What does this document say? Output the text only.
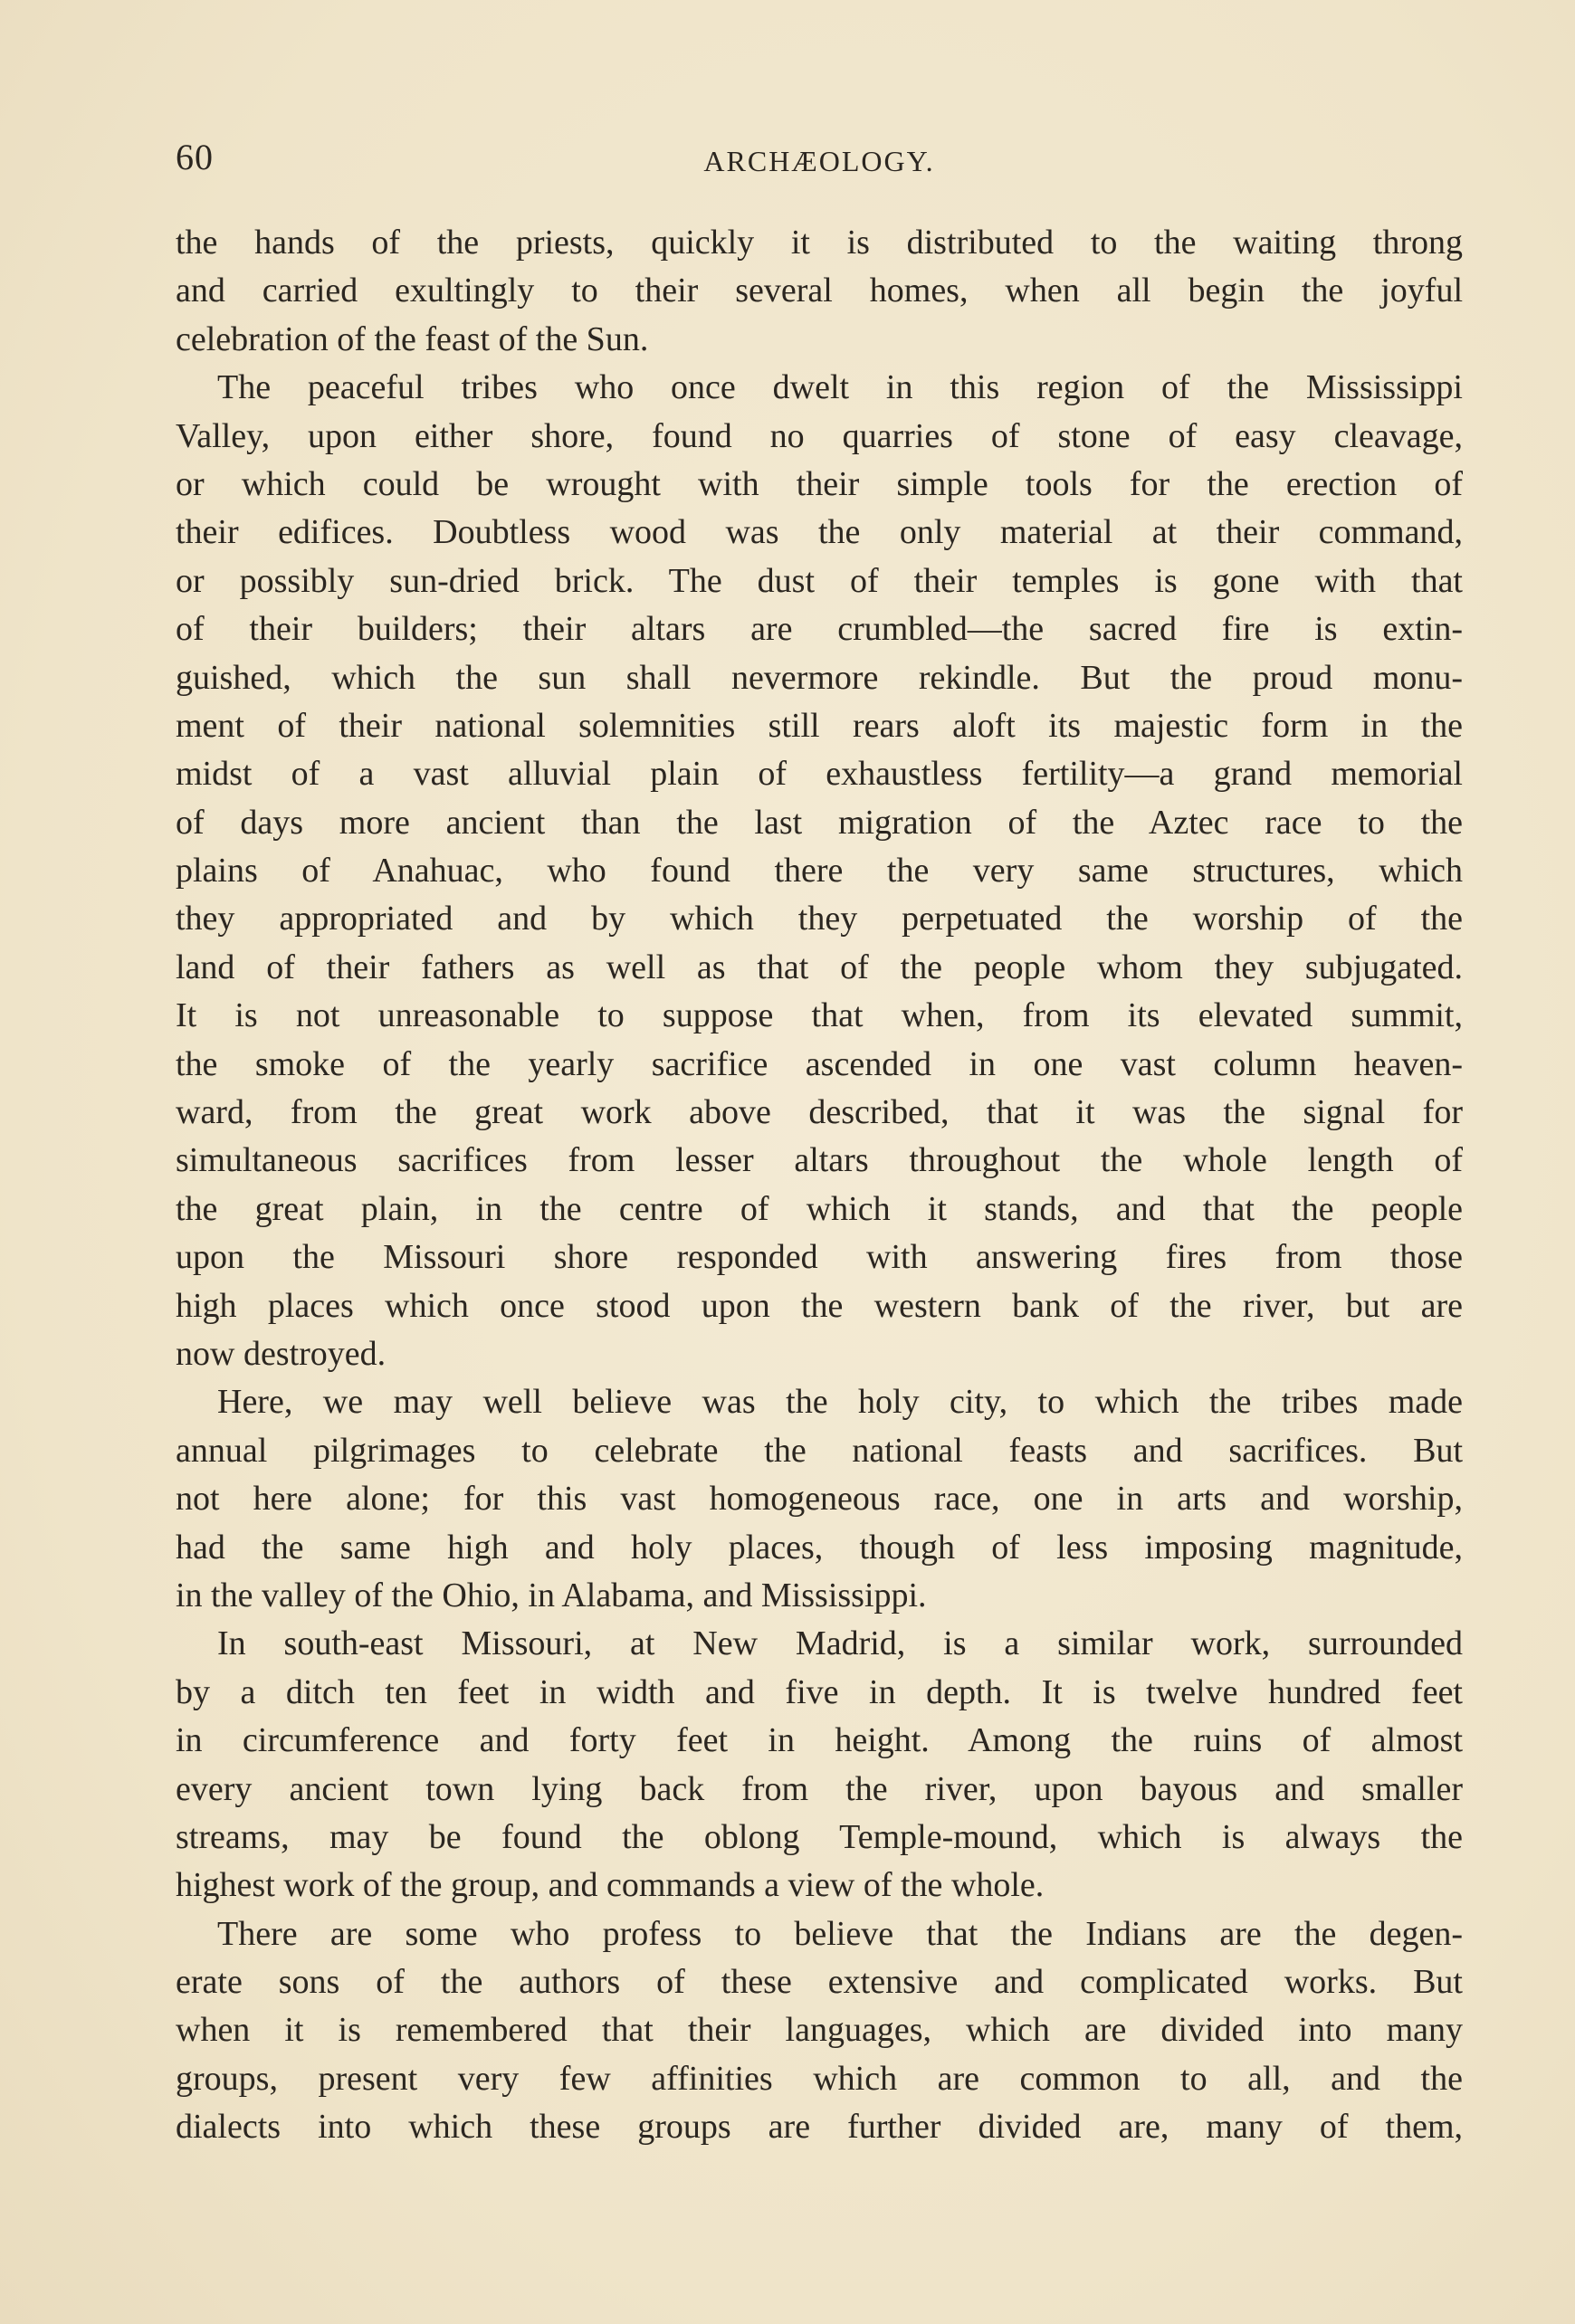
60	ARCHÆOLOGY.
the hands of the priests, quickly it is distributed to the waiting throng
and carried exultingly to their several homes, when all begin the joyful
celebration of the feast of the Sun.
The peaceful tribes who once dwelt in this region of the Mississippi
Valley, upon either shore, found no quarries of stone of easy cleavage,
or which could be wrought with their simple tools for the erection of
their edifices. Doubtless wood was the only material at their command,
or possibly sun-dried brick. The dust of their temples is gone with that
of their builders; their altars are crumbled—the sacred fire is extin-
guished, which the sun shall nevermore rekindle. But the proud monu-
ment of their national solemnities still rears aloft its majestic form in the
midst of a vast alluvial plain of exhaustless fertility—a grand memorial
of days more ancient than the last migration of the Aztec race to the
plains of Anahuac, who found there the very same structures, which
they appropriated and by which they perpetuated the worship of the
land of their fathers as well as that of the people whom they subjugated.
It is not unreasonable to suppose that when, from its elevated summit,
the smoke of the yearly sacrifice ascended in one vast column heaven-
ward, from the great work above described, that it was the signal for
simultaneous sacrifices from lesser altars throughout the whole length of
the great plain, in the centre of which it stands, and that the people
upon the Missouri shore responded with answering fires from those
high places which once stood upon the western bank of the river, but are
now destroyed.
Here, we may well believe was the holy city, to which the tribes made
annual pilgrimages to celebrate the national feasts and sacrifices. But
not here alone; for this vast homogeneous race, one in arts and worship,
had the same high and holy places, though of less imposing magnitude,
in the valley of the Ohio, in Alabama, and Mississippi.
In south-east Missouri, at New Madrid, is a similar work, surrounded
by a ditch ten feet in width and five in depth. It is twelve hundred feet
in circumference and forty feet in height. Among the ruins of almost
every ancient town lying back from the river, upon bayous and smaller
streams, may be found the oblong Temple-mound, which is always the
highest work of the group, and commands a view of the whole.
There are some who profess to believe that the Indians are the degen-
erate sons of the authors of these extensive and complicated works. But
when it is remembered that their languages, which are divided into many
groups, present very few affinities which are common to all, and the
dialects into which these groups are further divided are, many of them,
